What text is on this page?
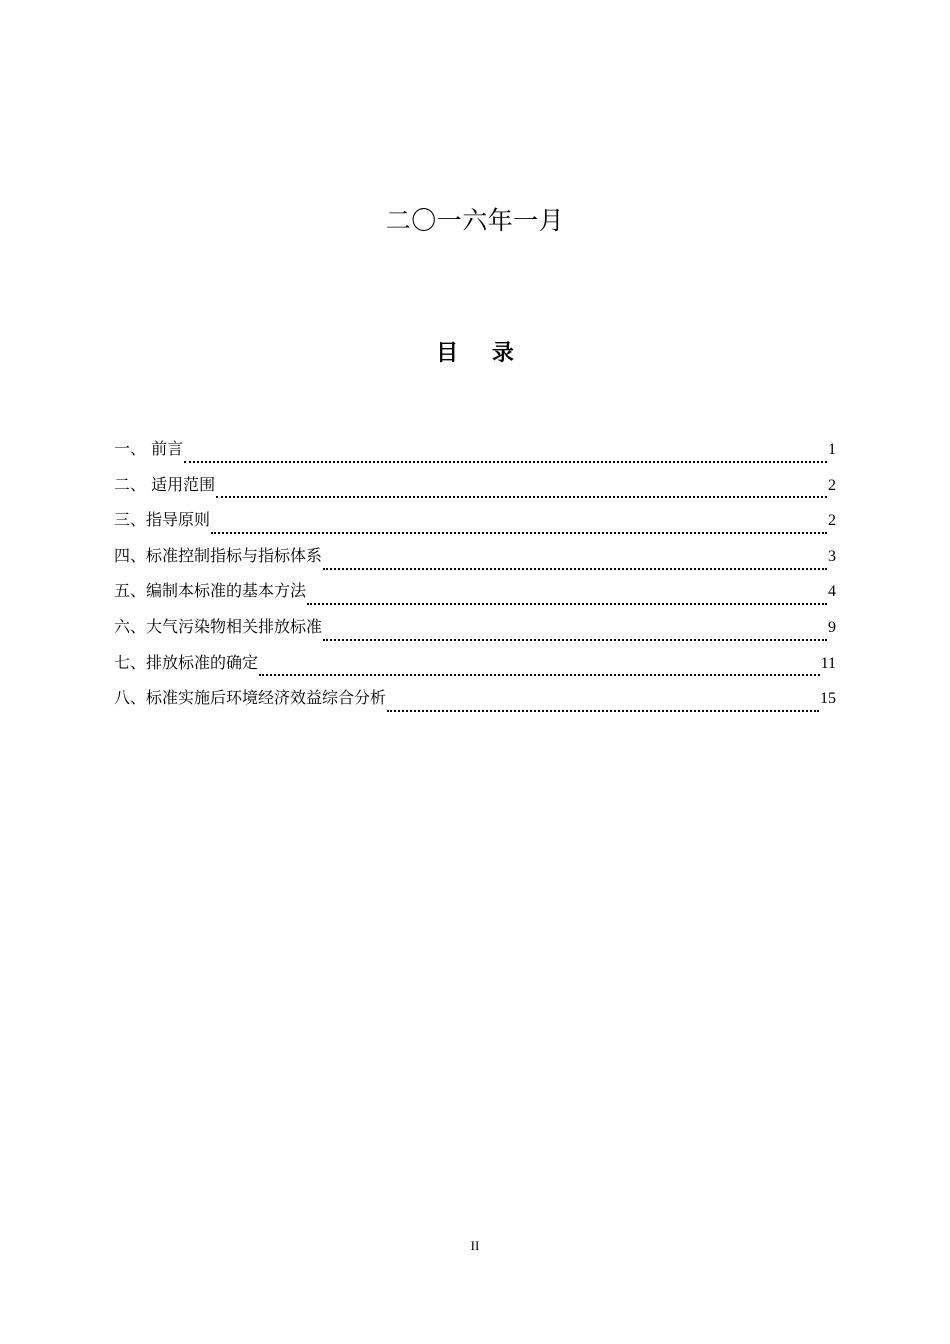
二〇一六年一月
目 录
一、 前言	1
二、 适用范围	2
三、指导原则	2
四、标准控制指标与指标体系	3
五、编制本标准的基本方法	4
六、大气污染物相关排放标准	9
七、排放标准的确定	11
八、标准实施后环境经济效益综合分析	15
II
